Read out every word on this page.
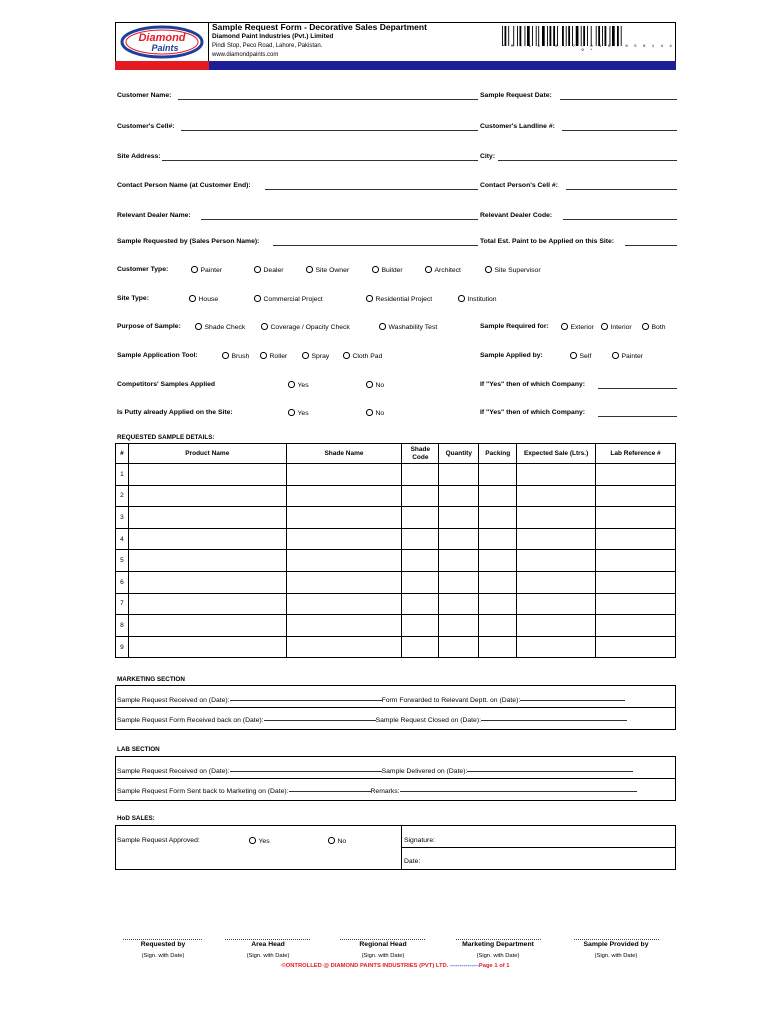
Diamond
Paints
Sample Request Form - Decorative Sales Department
Diamond Paint Industries (Pvt.) Limited
Pindi Stop, Peco Road, Lahore, Pakistan.
www.diamondpaints.com
* M - 1 4 - 0 - 7 - 0 1 0 - 0 5 0 1 4 4 9 *
Customer Name:	Sample Request Date:
Customer's Cell#:	Customer's Landline #:
Site Address:	City:
Contact Person Name (at Customer End):	Contact Person's Cell #:
Relevant Dealer Name:	Relevant Dealer Code:
Sample Requested by (Sales Person Name):	Total Est. Paint to be Applied on this Site:
Customer Type:	Painter	Dealer	Site Owner	Builder	Architect	Site Supervisor
Site Type:	House	Commercial Project	Residential Project	Institution
Purpose of Sample:	Shade Check	Coverage / Opacity Check	Washability Test	Sample Required for:	Exterior	Interior	Both
Sample Application Tool:	Brush	Roller	Spray	Cloth Pad	Sample Applied by:	Self	Painter
Competitors' Samples Applied	Yes	No	If "Yes" then of which Company:
Is Putty already Applied on the Site:	Yes	No	If "Yes" then of which Company:
REQUESTED SAMPLE DETAILS:
#	Product Name	Shade Name	Shade Code	Quantity	Packing	Expected Sale (Ltrs.)	Lab Reference #
1							
2							
3							
4							
5							
6							
7							
8							
9							
MARKETING SECTION
Sample Request Received on (Date):	Form Forwarded to Relevant Deptt. on (Date):
Sample Request Form Received back on (Date):	Sample Request Closed on (Date):
LAB SECTION
Sample Request Received on (Date):	Sample Delivered on (Date):
Sample Request Form Sent back to Marketing on (Date):	Remarks:
HoD SALES:
Sample Request Approved:	Yes	No	Signature:
Date:
Requested by	Area Head	Regional Head	Marketing Department	Sample Provided by
(Sign. with Date)	(Sign. with Date)	(Sign. with Date)	(Sign. with Date)	(Sign. with Date)
©ONTROLLED @ DIAMOND PAINTS INDUSTRIES (PVT) LTD. ---------------Page 1 of 1
